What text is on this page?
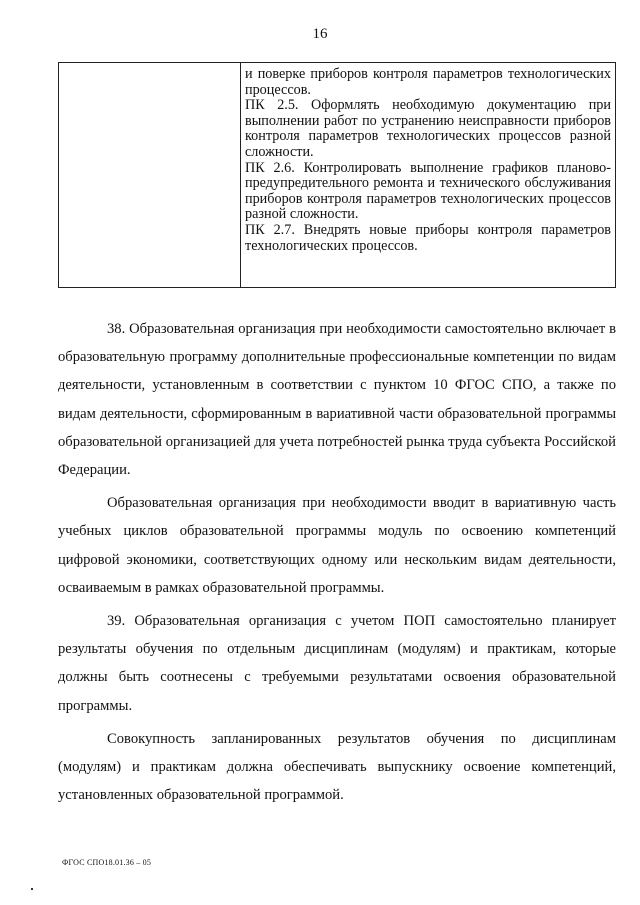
16

и поверке приборов контроля параметров технологических процессов.

ПК 2.5. Оформлять необходимую документацию при выполнении работ по устранению неисправности приборов контроля параметров технологических процессов разной сложности.

ПК 2.6. Контролировать выполнение графиков планово-предупредительного ремонта и технического обслуживания приборов контроля параметров технологических процессов разной сложности.

ПК 2.7. Внедрять новые приборы контроля параметров технологических процессов.

38. Образовательная организация при необходимости самостоятельно включает в образовательную программу дополнительные профессиональные компетенции по видам деятельности, установленным в соответствии с пунктом 10 ФГОС СПО, а также по видам деятельности, сформированным в вариативной части образовательной программы образовательной организацией для учета потребностей рынка труда субъекта Российской Федерации.

Образовательная организация при необходимости вводит в вариативную часть учебных циклов образовательной программы модуль по освоению компетенций цифровой экономики, соответствующих одному или нескольким видам деятельности, осваиваемым в рамках образовательной программы.

39. Образовательная организация с учетом ПОП самостоятельно планирует результаты обучения по отдельным дисциплинам (модулям) и практикам, которые должны быть соотнесены с требуемыми результатами освоения образовательной программы.

Совокупность запланированных результатов обучения по дисциплинам (модулям) и практикам должна обеспечивать выпускнику освоение компетенций, установленных образовательной программой.

ФГОС СПО18.01.36 – 05
